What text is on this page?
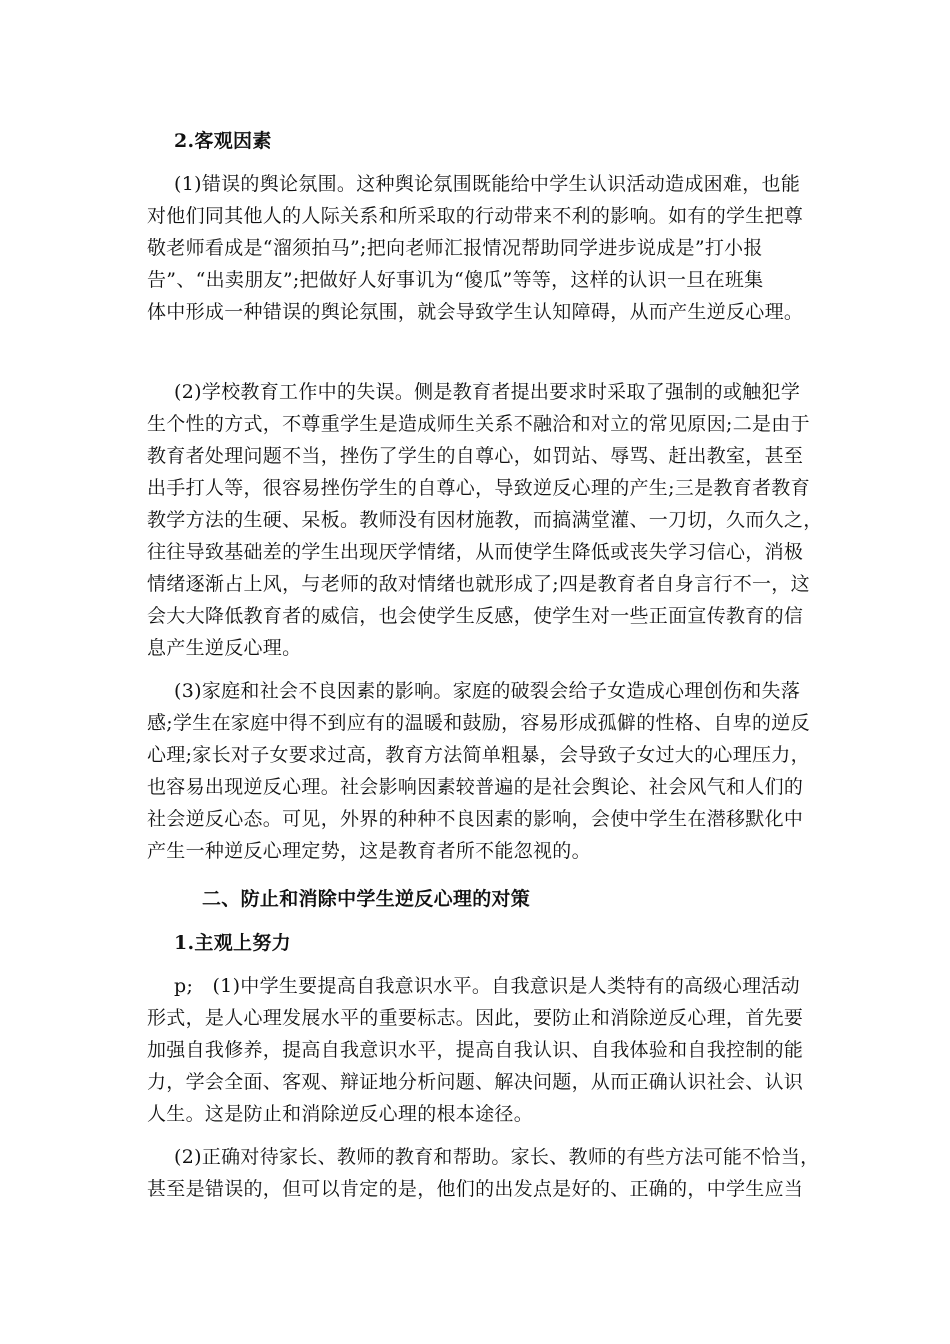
2.客观因素
(1)错误的舆论氛围。这种舆论氛围既能给中学生认识活动造成困难，也能
对他们同其他人的人际关系和所采取的行动带来不利的影响。如有的学生把尊
敬老师看成是“溜须拍马”;把向老师汇报情况帮助同学进步说成是”打小报
告”、“出卖朋友”;把做好人好事讥为“傻瓜”等等，这样的认识一旦在班集
体中形成一种错误的舆论氛围，就会导致学生认知障碍，从而产生逆反心理。
(2)学校教育工作中的失误。侧是教育者提出要求时采取了强制的或触犯学
生个性的方式，不尊重学生是造成师生关系不融洽和对立的常见原因;二是由于
教育者处理问题不当，挫伤了学生的自尊心，如罚站、辱骂、赶出教室，甚至
出手打人等，很容易挫伤学生的自尊心，导致逆反心理的产生;三是教育者教育
教学方法的生硬、呆板。教师没有因材施教，而搞满堂灌、一刀切，久而久之，
往往导致基础差的学生出现厌学情绪，从而使学生降低或丧失学习信心，消极
情绪逐渐占上风，与老师的敌对情绪也就形成了;四是教育者自身言行不一，这
会大大降低教育者的威信，也会使学生反感，使学生对一些正面宣传教育的信
息产生逆反心理。
(3)家庭和社会不良因素的影响。家庭的破裂会给子女造成心理创伤和失落
感;学生在家庭中得不到应有的温暖和鼓励，容易形成孤僻的性格、自卑的逆反
心理;家长对子女要求过高，教育方法简单粗暴，会导致子女过大的心理压力，
也容易出现逆反心理。社会影响因素较普遍的是社会舆论、社会风气和人们的
社会逆反心态。可见，外界的种种不良因素的影响，会使中学生在潜移默化中
产生一种逆反心理定势，这是教育者所不能忽视的。
二、防止和消除中学生逆反心理的对策
1.主观上努力
p;　(1)中学生要提高自我意识水平。自我意识是人类特有的高级心理活动
形式，是人心理发展水平的重要标志。因此，要防止和消除逆反心理，首先要
加强自我修养，提高自我意识水平，提高自我认识、自我体验和自我控制的能
力，学会全面、客观、辩证地分析问题、解决问题，从而正确认识社会、认识
人生。这是防止和消除逆反心理的根本途径。
(2)正确对待家长、教师的教育和帮助。家长、教师的有些方法可能不恰当，
甚至是错误的，但可以肯定的是，他们的出发点是好的、正确的，中学生应当
